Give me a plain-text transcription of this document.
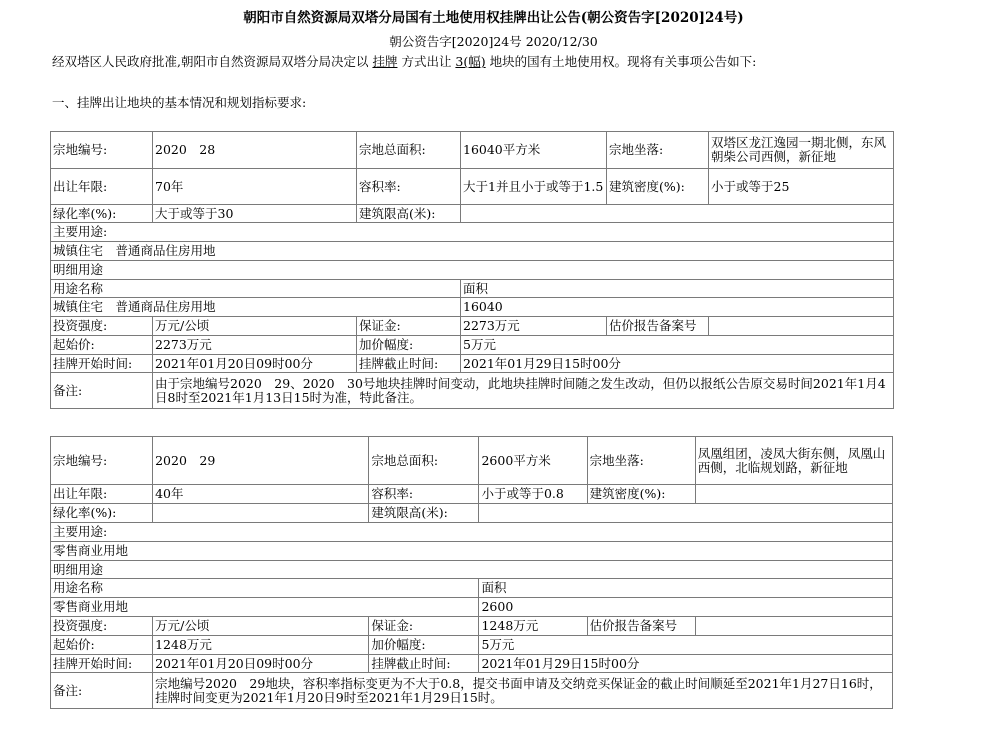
朝阳市自然资源局双塔分局国有土地使用权挂牌出让公告(朝公资告字[2020]24号)
朝公资告字[2020]24号 2020/12/30
经双塔区人民政府批准,朝阳市自然资源局双塔分局决定以 挂牌 方式出让 3(幅) 地块的国有土地使用权。现将有关事项公告如下:
一、挂牌出让地块的基本情况和规划指标要求:
宗地编号:	2020　28	宗地总面积:	16040平方米	宗地坐落:	双塔区龙江逸园一期北侧，东风朝柴公司西侧，新征地
出让年限:	70年	容积率:	大于1并且小于或等于1.5	建筑密度(%):	小于或等于25
绿化率(%):	大于或等于30	建筑限高(米):			
主要用途:					
城镇住宅　普通商品住房用地					
明细用途					
用途名称			面积		
城镇住宅　普通商品住房用地			16040		
投资强度:	万元/公顷	保证金:	2273万元	估价报告备案号	
起始价:	2273万元	加价幅度:	5万元		
挂牌开始时间:	2021年01月20日09时00分	挂牌截止时间:	2021年01月29日15时00分		
备注:	由于宗地编号2020　29、2020　30号地块挂牌时间变动，此地块挂牌时间随之发生改动，但仍以报纸公告原交易时间2021年1月4日8时至2021年1月13日15时为准，特此备注。				
宗地编号:	2020　29	宗地总面积:	2600平方米	宗地坐落:	凤凰组团，凌凤大街东侧，凤凰山西侧，北临规划路，新征地
出让年限:	40年	容积率:	小于或等于0.8	建筑密度(%):	
绿化率(%):		建筑限高(米):			
主要用途:					
零售商业用地					
明细用途					
用途名称			面积		
零售商业用地			2600		
投资强度:	万元/公顷	保证金:	1248万元	估价报告备案号	
起始价:	1248万元	加价幅度:	5万元		
挂牌开始时间:	2021年01月20日09时00分	挂牌截止时间:	2021年01月29日15时00分		
备注:	宗地编号2020　29地块，容积率指标变更为不大于0.8，提交书面申请及交纳竞买保证金的截止时间顺延至2021年1月27日16时，挂牌时间变更为2021年1月20日9时至2021年1月29日15时。				
